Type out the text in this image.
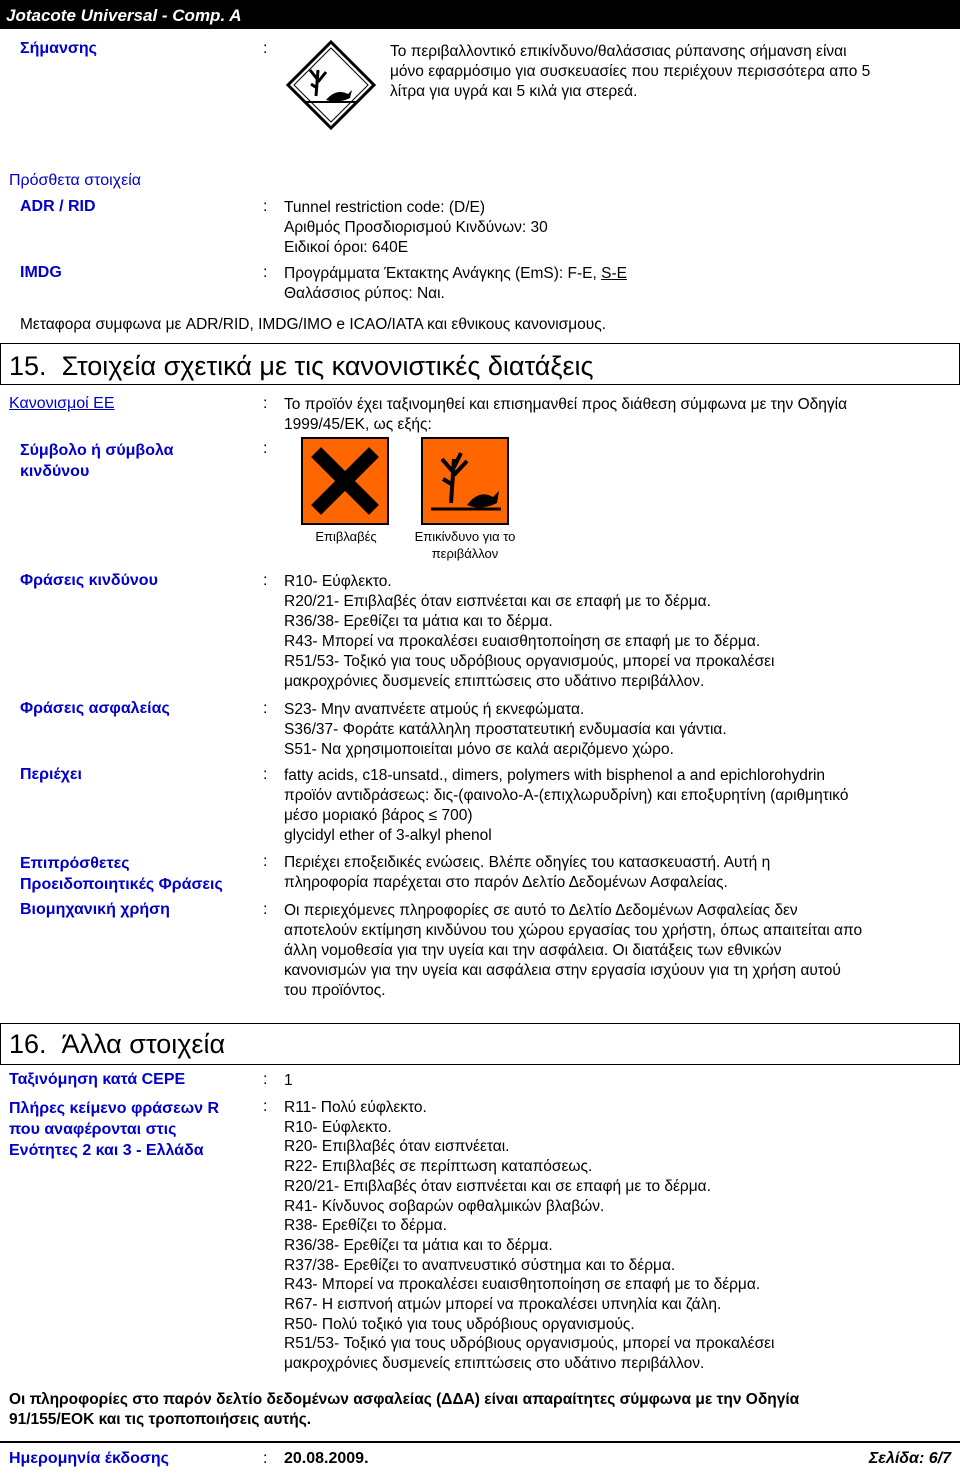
Jotacote Universal - Comp. A
Σήμανσης	:	Το περιβαλλοντικό επικίνδυνο/θαλάσσιας ρύπανσης σήμανση είναι
μόνο εφαρμόσιμο για συσκευασίες που περιέχουν περισσότερα απο 5
λίτρα για υγρά και 5 κιλά για στερεά.
Πρόσθετα στοιχεία
ADR / RID	: Tunnel restriction code: (D/E)
Αριθμός Προσδιορισμού Κινδύνων: 30
Ειδικοί όροι: 640E
IMDG	: Προγράμματα Έκτακτης Ανάγκης (EmS): F-E, S-E
Θαλάσσιος ρύπος: Ναι.
Μεταφορα συμφωνα με ADR/RID, IMDG/IMO e ICAO/IATA και εθνικους κανονισμους.
15. Στοιχεία σχετικά με τις κανονιστικές διατάξεις
Κανονισμοί ΕΕ	: Το προϊόν έχει ταξινομηθεί και επισημανθεί προς διάθεση σύμφωνα με την Οδηγία
1999/45/ΕΚ, ως εξής:
Σύμβολο ή σύμβολα
κινδύνου
:
Επιβλαβές	Επικίνδυνο για το
περιβάλλον
Φράσεις κινδύνου	: R10- Εύφλεκτο.
R20/21- Επιβλαβές όταν εισπνέεται και σε επαφή με το δέρμα.
R36/38- Ερεθίζει τα μάτια και το δέρμα.
R43- Μπορεί να προκαλέσει ευαισθητοποίηση σε επαφή με το δέρμα.
R51/53- Τοξικό για τους υδρόβιους οργανισμούς, μπορεί να προκαλέσει
μακροχρόνιες δυσμενείς επιπτώσεις στο υδάτινο περιβάλλον.
Φράσεις ασφαλείας	: S23- Μην αναπνέετε ατμούς ή εκνεφώματα.
S36/37- Φοράτε κατάλληλη προστατευτική ενδυμασία και γάντια.
S51- Να χρησιμοποιείται μόνο σε καλά αεριζόμενο χώρο.
Περιέχει	: fatty acids, c18-unsatd., dimers, polymers with bisphenol a and epichlorohydrin
προϊόν αντιδράσεως: δις-(φαινολο-Α-(επιχλωρυδρίνη) και εποξυρητίνη (αριθμητικό
μέσο μοριακό βάρος ≤ 700)
glycidyl ether of 3-alkyl phenol
Επιπρόσθετες
Προειδοποιητικές Φράσεις
: Περιέχει εποξειδικές ενώσεις. Βλέπε οδηγίες του κατασκευαστή. Αυτή η
πληροφορία παρέχεται στο παρόν Δελτίο Δεδομένων Ασφαλείας.
Βιομηχανική χρήση	: Οι περιεχόμενες πληροφορίες σε αυτό το Δελτίο Δεδομένων Ασφαλείας δεν
αποτελούν εκτίμηση κινδύνου του χώρου εργασίας του χρήστη, όπως απαιτείται απο
άλλη νομοθεσία για την υγεία και την ασφάλεια. Οι διατάξεις των εθνικών
κανονισμών για την υγεία και ασφάλεια στην εργασία ισχύουν για τη χρήση αυτού
του προϊόντος.
16. Άλλα στοιχεία
Ταξινόμηση κατά CEPE	: 1
Πλήρες κείμενο φράσεων R
που αναφέρονται στις
Ενότητες 2 και 3 - Ελλάδα
: R11- Πολύ εύφλεκτο.
R10- Εύφλεκτο.
R20- Επιβλαβές όταν εισπνέεται.
R22- Επιβλαβές σε περίπτωση καταπόσεως.
R20/21- Επιβλαβές όταν εισπνέεται και σε επαφή με το δέρμα.
R41- Κίνδυνος σοβαρών οφθαλμικών βλαβών.
R38- Ερεθίζει το δέρμα.
R36/38- Ερεθίζει τα μάτια και το δέρμα.
R37/38- Ερεθίζει το αναπνευστικό σύστημα και το δέρμα.
R43- Μπορεί να προκαλέσει ευαισθητοποίηση σε επαφή με το δέρμα.
R67- Η εισπνοή ατμών μπορεί να προκαλέσει υπνηλία και ζάλη.
R50- Πολύ τοξικό για τους υδρόβιους οργανισμούς.
R51/53- Τοξικό για τους υδρόβιους οργανισμούς, μπορεί να προκαλέσει
μακροχρόνιες δυσμενείς επιπτώσεις στο υδάτινο περιβάλλον.
Οι πληροφορίες στο παρόν δελτίο δεδομένων ασφαλείας (ΔΔΑ) είναι απαραίτητες σύμφωνα με την Οδηγία
91/155/ΕΟΚ και τις τροποποιήσεις αυτής.
Ημερομηνία έκδοσης	: 20.08.2009.	Σελίδα: 6/7
